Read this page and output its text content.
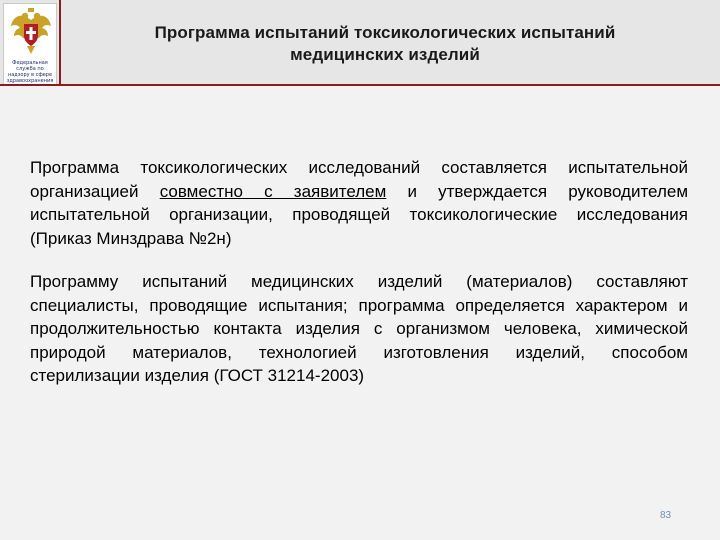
Федеральная служба по надзору в сфере здравоохранения
Программа испытаний токсикологических испытаний
медицинских изделий

Программа токсикологических исследований составляется испытательной организацией совместно с заявителем и утверждается руководителем испытательной организации, проводящей токсикологические исследования (Приказ Минздрава №2н)

Программу испытаний медицинских изделий (материалов) составляют специалисты, проводящие испытания; программа определяется характером и продолжительностью контакта изделия с организмом человека, химической природой материалов, технологией изготовления изделий, способом стерилизации изделия (ГОСТ 31214-2003)

83
